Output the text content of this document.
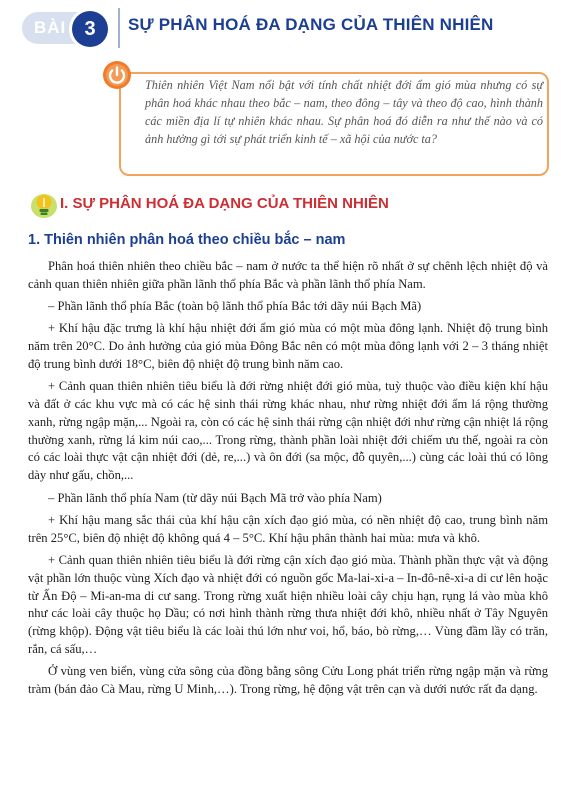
BÀI 3	SỰ PHÂN HOÁ ĐA DẠNG CỦA THIÊN NHIÊN
Thiên nhiên Việt Nam nổi bật với tính chất nhiệt đới ẩm gió mùa nhưng có sự phân hoá khác nhau theo bắc – nam, theo đông – tây và theo độ cao, hình thành các miền địa lí tự nhiên khác nhau. Sự phân hoá đó diễn ra như thế nào và có ảnh hưởng gì tới sự phát triển kinh tế – xã hội của nước ta?
I. SỰ PHÂN HOÁ ĐA DẠNG CỦA THIÊN NHIÊN
1. Thiên nhiên phân hoá theo chiều bắc – nam

Phân hoá thiên nhiên theo chiều bắc – nam ở nước ta thể hiện rõ nhất ở sự chênh lệch nhiệt độ và cảnh quan thiên nhiên giữa phần lãnh thổ phía Bắc và phần lãnh thổ phía Nam.

– Phần lãnh thổ phía Bắc (toàn bộ lãnh thổ phía Bắc tới dãy núi Bạch Mã)

+ Khí hậu đặc trưng là khí hậu nhiệt đới ẩm gió mùa có một mùa đông lạnh. Nhiệt độ trung bình năm trên 20°C. Do ảnh hưởng của gió mùa Đông Bắc nên có một mùa đông lạnh với 2 – 3 tháng nhiệt độ trung bình dưới 18°C, biên độ nhiệt độ trung bình năm cao.

+ Cảnh quan thiên nhiên tiêu biểu là đới rừng nhiệt đới gió mùa, tuỳ thuộc vào điều kiện khí hậu và đất ở các khu vực mà có các hệ sinh thái rừng khác nhau, như rừng nhiệt đới ẩm lá rộng thường xanh, rừng ngập mặn,... Ngoài ra, còn có các hệ sinh thái rừng cận nhiệt đới như rừng cận nhiệt lá rộng thường xanh, rừng lá kim núi cao,... Trong rừng, thành phần loài nhiệt đới chiếm ưu thế, ngoài ra còn có các loài thực vật cận nhiệt đới (dẻ, re,...) và ôn đới (sa mộc, đỗ quyên,...) cùng các loài thú có lông dày như gấu, chồn,...

– Phần lãnh thổ phía Nam (từ dãy núi Bạch Mã trở vào phía Nam)

+ Khí hậu mang sắc thái của khí hậu cận xích đạo gió mùa, có nền nhiệt độ cao, trung bình năm trên 25°C, biên độ nhiệt độ không quá 4 – 5°C. Khí hậu phân thành hai mùa: mưa và khô.

+ Cảnh quan thiên nhiên tiêu biểu là đới rừng cận xích đạo gió mùa. Thành phần thực vật và động vật phần lớn thuộc vùng Xích đạo và nhiệt đới có nguồn gốc Ma-lai-xi-a – In-đô-nê-xi-a di cư lên hoặc từ Ấn Độ – Mi-an-ma di cư sang. Trong rừng xuất hiện nhiều loài cây chịu hạn, rụng lá vào mùa khô như các loài cây thuộc họ Dầu; có nơi hình thành rừng thưa nhiệt đới khô, nhiều nhất ở Tây Nguyên (rừng khộp). Động vật tiêu biểu là các loài thú lớn như voi, hổ, báo, bò rừng,… Vùng đầm lầy có trăn, rắn, cá sấu,…

Ở vùng ven biển, vùng cửa sông của đồng bằng sông Cửu Long phát triển rừng ngập mặn và rừng tràm (bán đảo Cà Mau, rừng U Minh,…). Trong rừng, hệ động vật trên cạn và dưới nước rất đa dạng.
